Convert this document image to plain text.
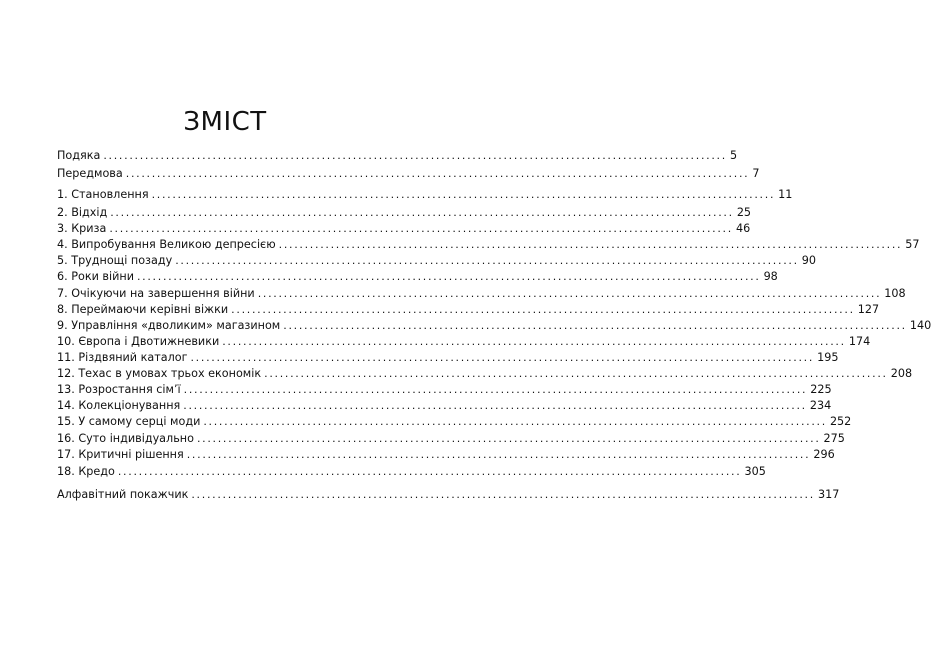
ЗМІСТ
Подяка ........................................................................................................................ 5
Передмова ........................................................................................................................ 7
1. Становлення ........................................................................................................................ 11
2. Відхід ........................................................................................................................ 25
3. Криза ........................................................................................................................ 46
4. Випробування Великою депресією ........................................................................................................................ 57
5. Труднощі позаду ........................................................................................................................ 90
6. Роки війни ........................................................................................................................ 98
7. Очікуючи на завершення війни ........................................................................................................................ 108
8. Переймаючи керівні віжки ........................................................................................................................ 127
9. Управління «дволиким» магазином ........................................................................................................................ 140
10. Європа і Двотижневики ........................................................................................................................ 174
11. Різдвяний каталог ........................................................................................................................ 195
12. Техас в умовах трьох економік ........................................................................................................................ 208
13. Розростання сім’ї ........................................................................................................................ 225
14. Колекціонування ........................................................................................................................ 234
15. У самому серці моди ........................................................................................................................ 252
16. Суто індивідуально ........................................................................................................................ 275
17. Критичні рішення ........................................................................................................................ 296
18. Кредо ........................................................................................................................ 305
Алфавітний покажчик ........................................................................................................................ 317
